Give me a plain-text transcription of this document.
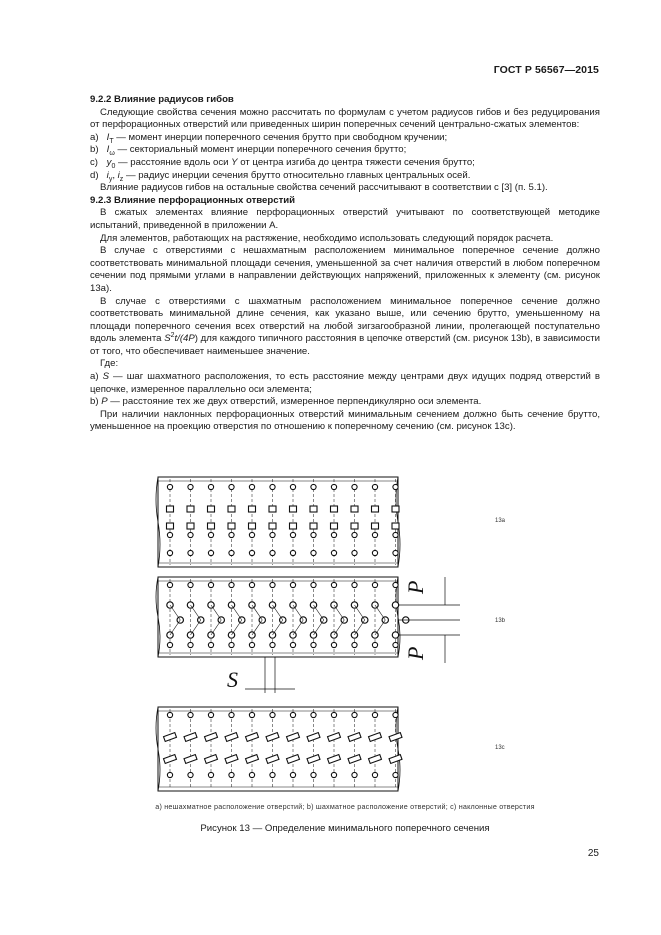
ГОСТ Р 56567—2015

9.2.2 Влияние радиусов гибов

Следующие свойства сечения можно рассчитать по формулам с учетом радиусов гибов и без редуцирования от перфорационных отверстий или приведенных ширин поперечных сечений центрально-сжатых элементов:

а) $I_T$ — момент инерции поперечного сечения брутто при свободном кручении;

b) $I_\omega$ — секториальный момент инерции поперечного сечения брутто;

c) $y_0$ — расстояние вдоль оси Y от центра изгиба до центра тяжести сечения брутто;

d) $i_y$, $i_z$ — радиус инерции сечения брутто относительно главных центральных осей.

Влияние радиусов гибов на остальные свойства сечений рассчитывают в соответствии с [3] (п. 5.1).

9.2.3 Влияние перфорационных отверстий

В сжатых элементах влияние перфорационных отверстий учитывают по соответствующей методике испытаний, приведенной в приложении А.

Для элементов, работающих на растяжение, необходимо использовать следующий порядок расчета.

В случае с отверстиями с нешахматным расположением минимальное поперечное сечение должно соответствовать минимальной площади сечения, уменьшенной за счет наличия отверстий в любом поперечном сечении под прямыми углами в направлении действующих напряжений, приложенных к элементу (см. рисунок 13а).

В случае с отверстиями с шахматным расположением минимальное поперечное сечение должно соответствовать минимальной длине сечения, как указано выше, или сечению брутто, уменьшенному на площади поперечного сечения всех отверстий на любой зигзагообразной линии, пролегающей поступательно вдоль элемента $S^2t/(4P)$ для каждого типичного расстояния в цепочке отверстий (см. рисунок 13b), в зависимости от того, что обеспечивает наименьшее значение.

Где:

а) S — шаг шахматного расположения, то есть расстояние между центрами двух идущих подряд отверстий в цепочке, измеренное параллельно оси элемента;

b) P — расстояние тех же двух отверстий, измеренное перпендикулярно оси элемента.

При наличии наклонных перфорационных отверстий минимальным сечением должно быть сечение брутто, уменьшенное на проекцию отверстия по отношению к поперечному сечению (см. рисунок 13с).

13а
13b
13с
S
P
P
а) нешахматное расположение отверстий; b) шахматное расположение отверстий; с) наклонные отверстия
Рисунок 13 — Определение минимального поперечного сечения
25
